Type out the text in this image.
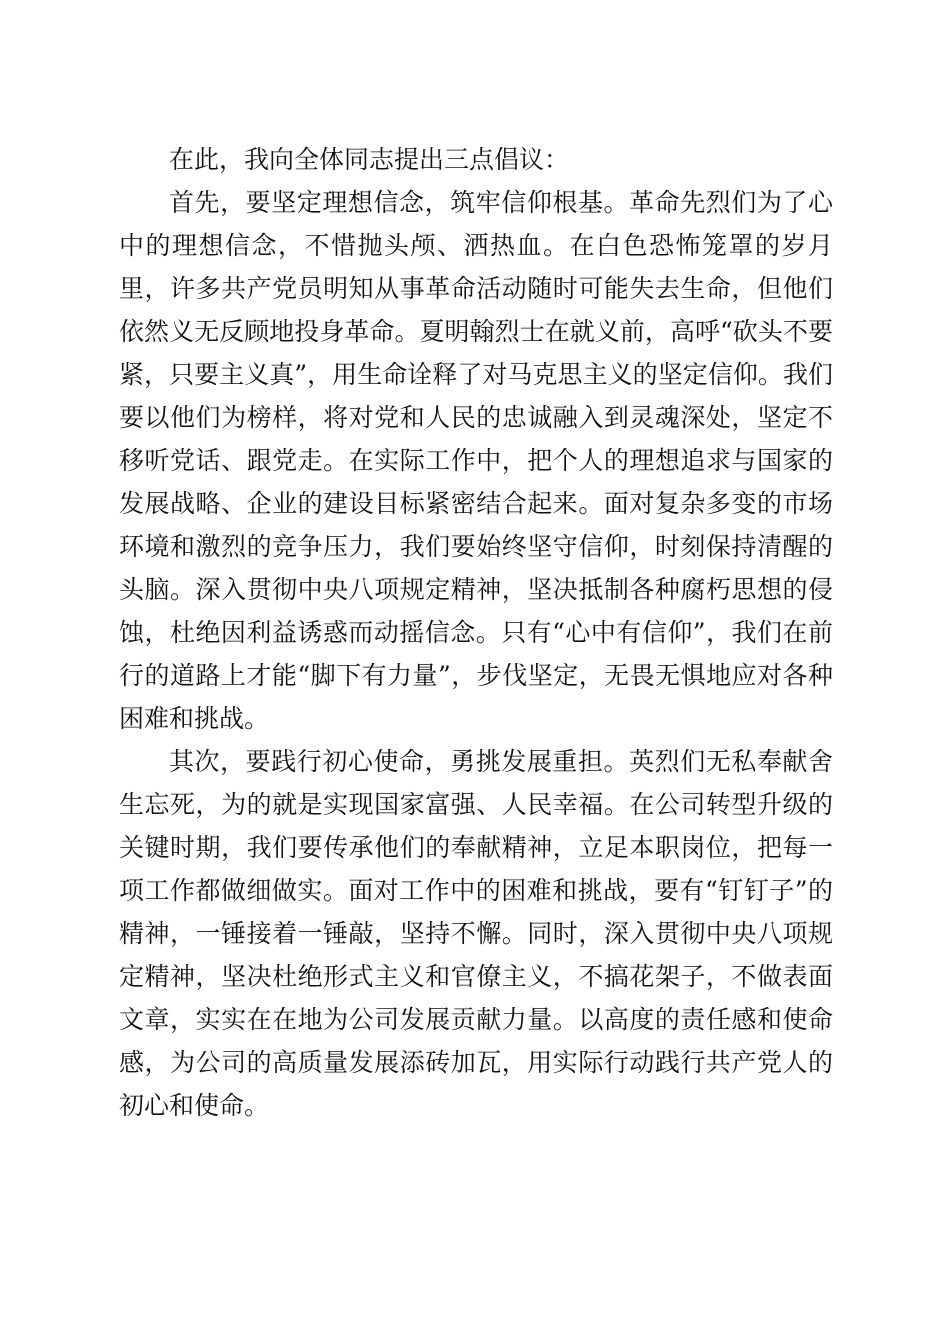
在此，我向全体同志提出三点倡议：

首先，要坚定理想信念，筑牢信仰根基。革命先烈们为了心中的理想信念，不惜抛头颅、洒热血。在白色恐怖笼罩的岁月里，许多共产党员明知从事革命活动随时可能失去生命，但他们依然义无反顾地投身革命。夏明翰烈士在就义前，高呼“砍头不要紧，只要主义真”，用生命诠释了对马克思主义的坚定信仰。我们要以他们为榜样，将对党和人民的忠诚融入到灵魂深处，坚定不移听党话、跟党走。在实际工作中，把个人的理想追求与国家的发展战略、企业的建设目标紧密结合起来。面对复杂多变的市场环境和激烈的竞争压力，我们要始终坚守信仰，时刻保持清醒的头脑。深入贯彻中央八项规定精神，坚决抵制各种腐朽思想的侵蚀，杜绝因利益诱惑而动摇信念。只有“心中有信仰”，我们在前行的道路上才能“脚下有力量”，步伐坚定，无畏无惧地应对各种困难和挑战。

其次，要践行初心使命，勇挑发展重担。英烈们无私奉献舍生忘死，为的就是实现国家富强、人民幸福。在公司转型升级的关键时期，我们要传承他们的奉献精神，立足本职岗位，把每一项工作都做细做实。面对工作中的困难和挑战，要有“钉钉子”的精神，一锤接着一锤敲，坚持不懈。同时，深入贯彻中央八项规定精神，坚决杜绝形式主义和官僚主义，不搞花架子，不做表面文章，实实在在地为公司发展贡献力量。以高度的责任感和使命感，为公司的高质量发展添砖加瓦，用实际行动践行共产党人的初心和使命。
